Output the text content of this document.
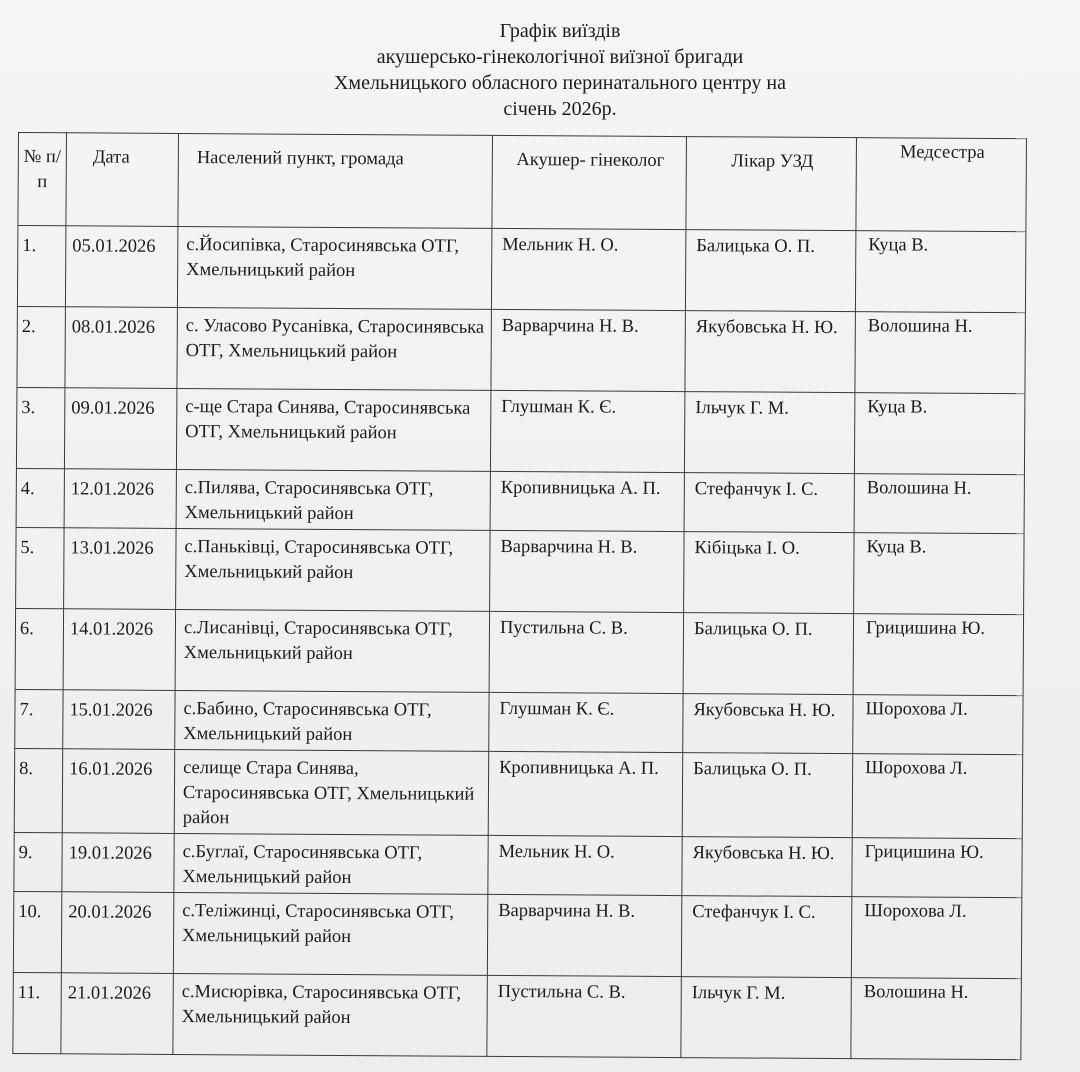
Графік виїздів
акушерсько-гінекологічної виїзної бригади
Хмельницького обласного перинатального центру на
січень 2026р.
№ п/ п	Дата	Населений пункт, громада	Акушер- гінеколог	Лікар УЗД	Медсестра
1.	05.01.2026	с.Йосипівка, Старосинявська ОТГ, Хмельницький район	Мельник Н. О.	Балицька О. П.	Куца В.
2.	08.01.2026	с. Уласово Русанівка, Старосинявська ОТГ, Хмельницький район	Варварчина Н. В.	Якубовська Н. Ю.	Волошина Н.
3.	09.01.2026	с-ще Стара Синява, Старосинявська ОТГ, Хмельницький район	Глушман К. Є.	Ільчук Г. М.	Куца В.
4.	12.01.2026	с.Пилява, Старосинявська ОТГ, Хмельницький район	Кропивницька А. П.	Стефанчук І. С.	Волошина Н.
5.	13.01.2026	с.Паньківці, Старосинявська ОТГ, Хмельницький район	Варварчина Н. В.	Кібіцька І. О.	Куца В.
6.	14.01.2026	с.Лисанівці, Старосинявська ОТГ, Хмельницький район	Пустильна С. В.	Балицька О. П.	Грицишина Ю.
7.	15.01.2026	с.Бабино, Старосинявська ОТГ, Хмельницький район	Глушман К. Є.	Якубовська Н. Ю.	Шорохова Л.
8.	16.01.2026	селище Стара Синява, Старосинявська ОТГ, Хмельницький район	Кропивницька А. П.	Балицька О. П.	Шорохова Л.
9.	19.01.2026	с.Буглаї, Старосинявська ОТГ, Хмельницький район	Мельник Н. О.	Якубовська Н. Ю.	Грицишина Ю.
10.	20.01.2026	с.Теліжинці, Старосинявська ОТГ, Хмельницький район	Варварчина Н. В.	Стефанчук І. С.	Шорохова Л.
11.	21.01.2026	с.Мисюрівка, Старосинявська ОТГ, Хмельницький район	Пустильна С. В.	Ільчук Г. М.	Волошина Н.
